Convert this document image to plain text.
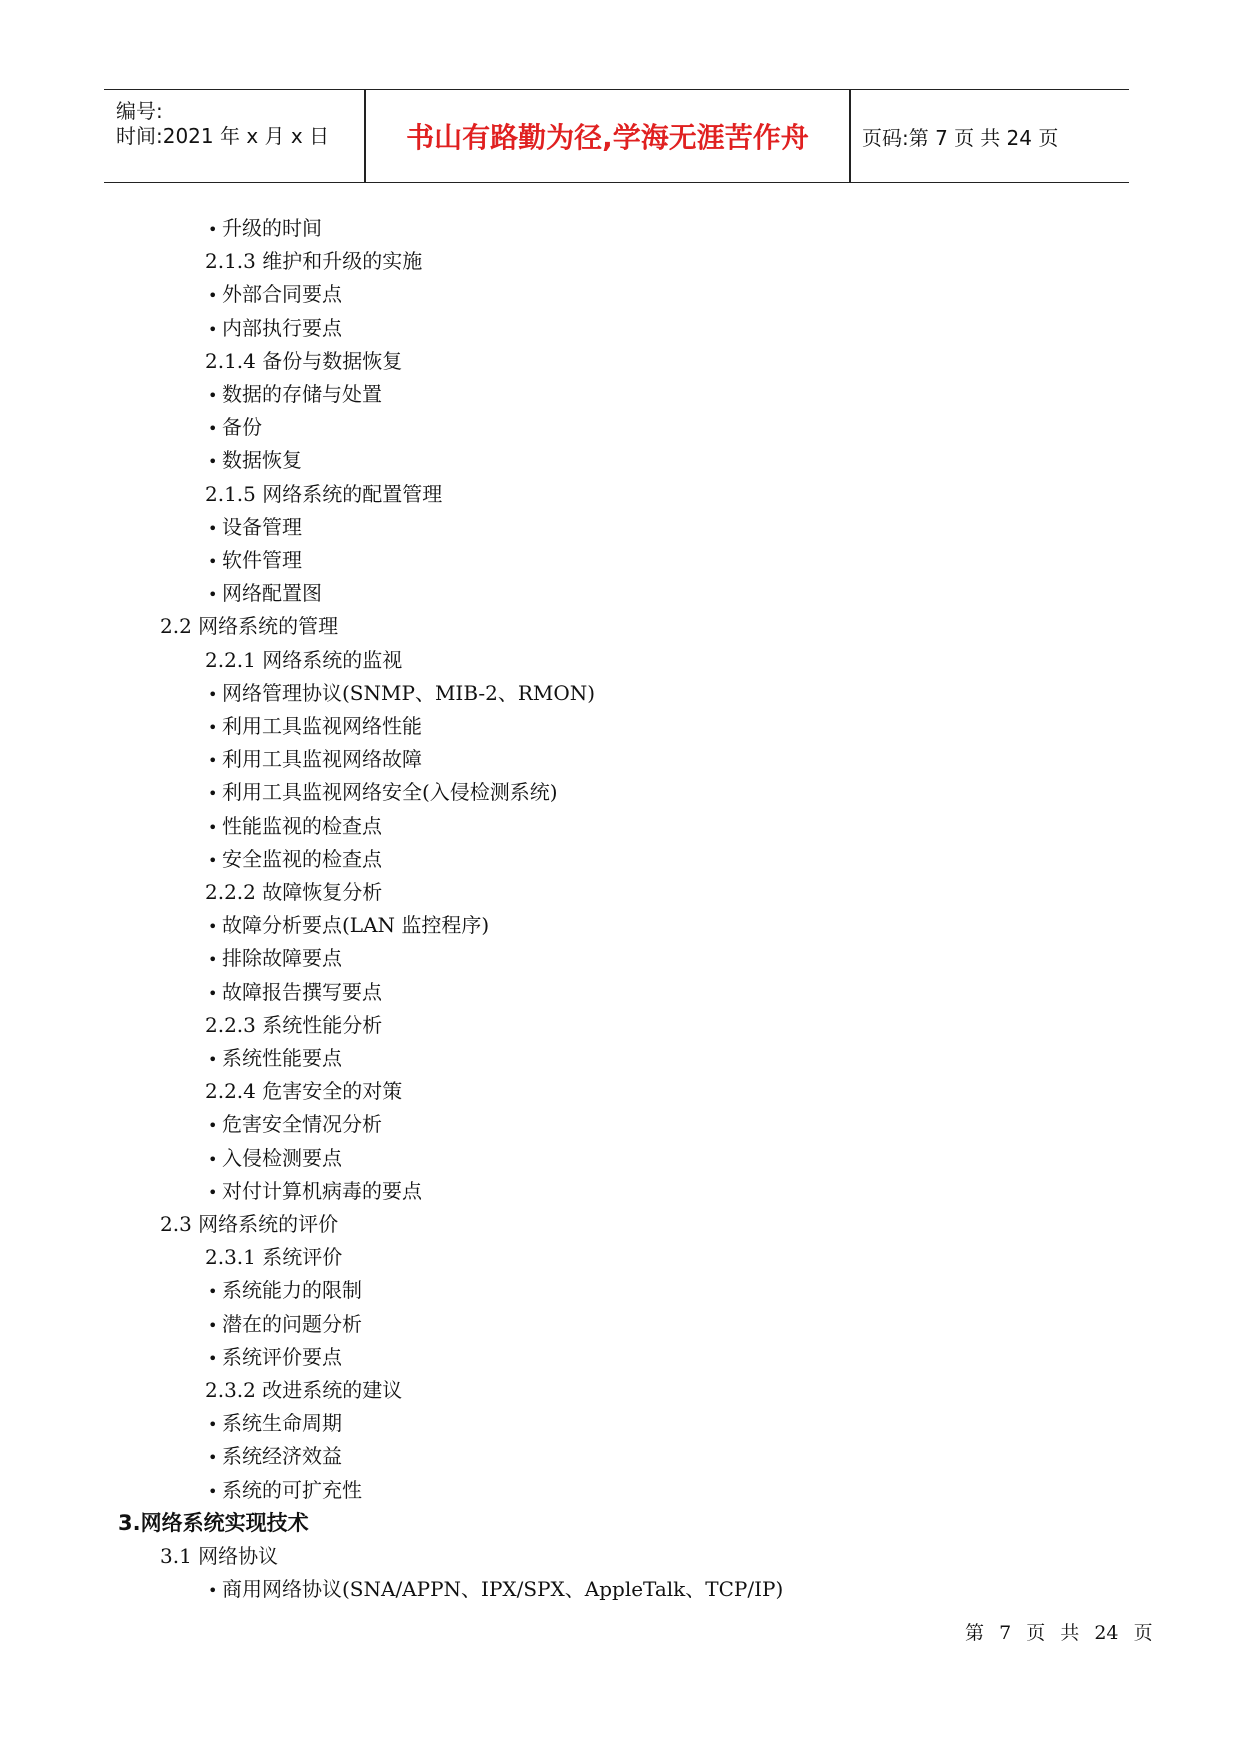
编号:
时间:2021 年 x 月 x 日	书山有路勤为径,学海无涯苦作舟	页码:第 7 页 共 24 页
• 升级的时间
2.1.3 维护和升级的实施
• 外部合同要点
• 内部执行要点
2.1.4 备份与数据恢复
• 数据的存储与处置
• 备份
• 数据恢复
2.1.5 网络系统的配置管理
• 设备管理
• 软件管理
• 网络配置图
2.2 网络系统的管理
2.2.1 网络系统的监视
• 网络管理协议(SNMP、MIB-2、RMON)
• 利用工具监视网络性能
• 利用工具监视网络故障
• 利用工具监视网络安全(入侵检测系统)
• 性能监视的检查点
• 安全监视的检查点
2.2.2 故障恢复分析
• 故障分析要点(LAN 监控程序)
• 排除故障要点
• 故障报告撰写要点
2.2.3 系统性能分析
• 系统性能要点
2.2.4 危害安全的对策
• 危害安全情况分析
• 入侵检测要点
• 对付计算机病毒的要点
2.3 网络系统的评价
2.3.1 系统评价
• 系统能力的限制
• 潜在的问题分析
• 系统评价要点
2.3.2 改进系统的建议
• 系统生命周期
• 系统经济效益
• 系统的可扩充性
3.网络系统实现技术
3.1 网络协议
• 商用网络协议(SNA/APPN、IPX/SPX、AppleTalk、TCP/IP)
第 7 页 共 24 页
